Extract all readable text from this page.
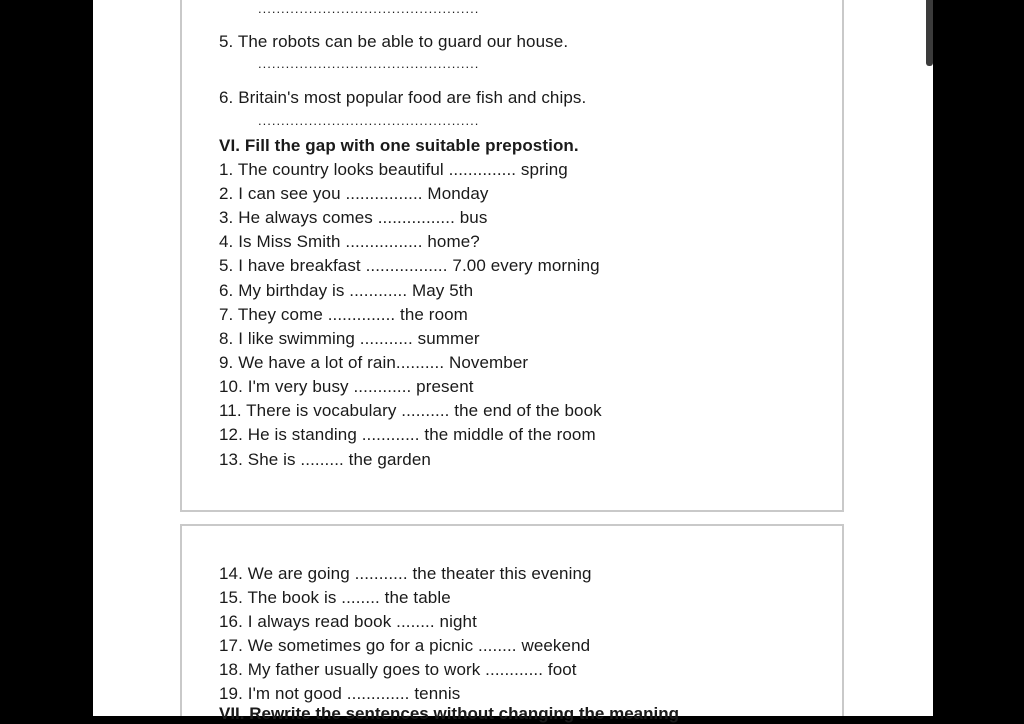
................................................
5. The robots can be able to guard our house.
................................................
6. Britain's most popular food are fish and chips.
................................................
VI. Fill the gap with one suitable prepostion.
1. The country looks beautiful .............. spring
2. I can see you ................ Monday
3. He always comes ................ bus
4. Is Miss Smith ................ home?
5. I have breakfast ................. 7.00 every morning
6. My birthday is ............ May 5th
7. They come .............. the room
8. I like swimming ........... summer
9. We have a lot of rain.......... November
10. I'm very busy ............ present
11. There is vocabulary .......... the end of the book
12. He is standing ............ the middle of the room
13. She is ......... the garden
14. We are going ........... the theater this evening
15. The book is ........ the table
16. I always read book ........ night
17. We sometimes go for a picnic ........ weekend
18. My father usually goes to work ............ foot
19. I'm not good ............. tennis
VII. Rewrite the sentences without changing the meaning
